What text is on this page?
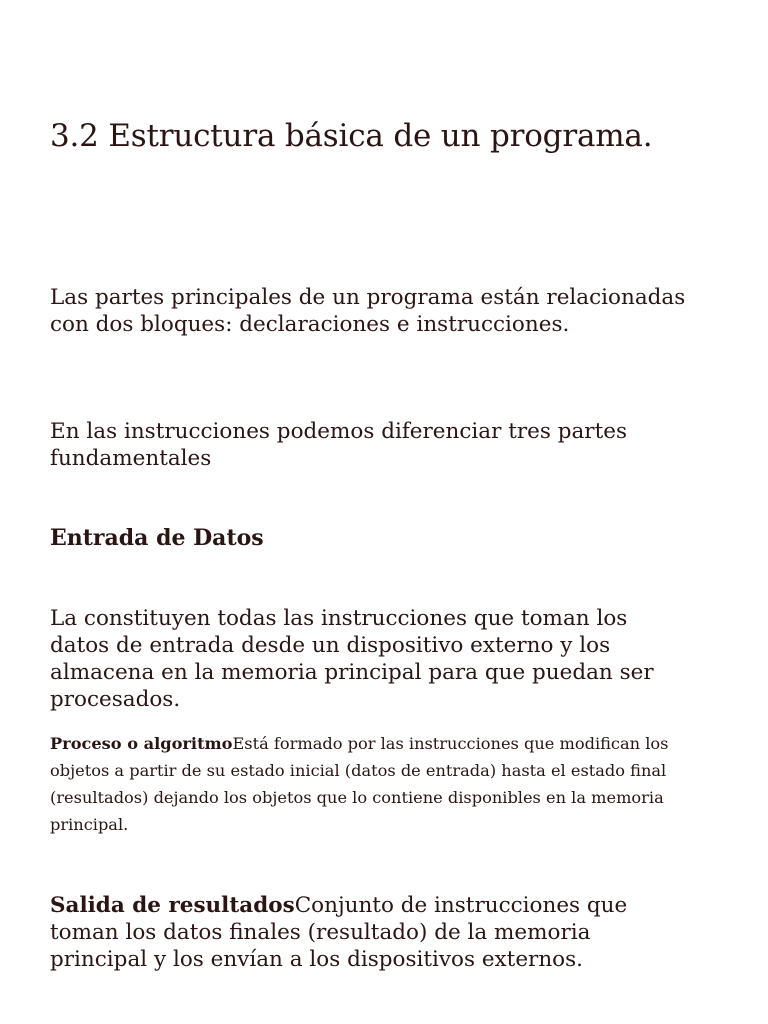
3.2 Estructura básica de un programa.

Las partes principales de un programa están relacionadas con dos bloques: declaraciones e instrucciones.

En las instrucciones podemos diferenciar tres partes fundamentales

Entrada de Datos

La constituyen todas las instrucciones que toman los datos de entrada desde un dispositivo externo y los almacena en la memoria principal para que puedan ser procesados.

Proceso o algoritmoEstá formado por las instrucciones que modifican los objetos a partir de su estado inicial (datos de entrada) hasta el estado final (resultados) dejando los objetos que lo contiene disponibles en la memoria principal.

Salida de resultadosConjunto de instrucciones que toman los datos finales (resultado) de la memoria principal y los envían a los dispositivos externos.
